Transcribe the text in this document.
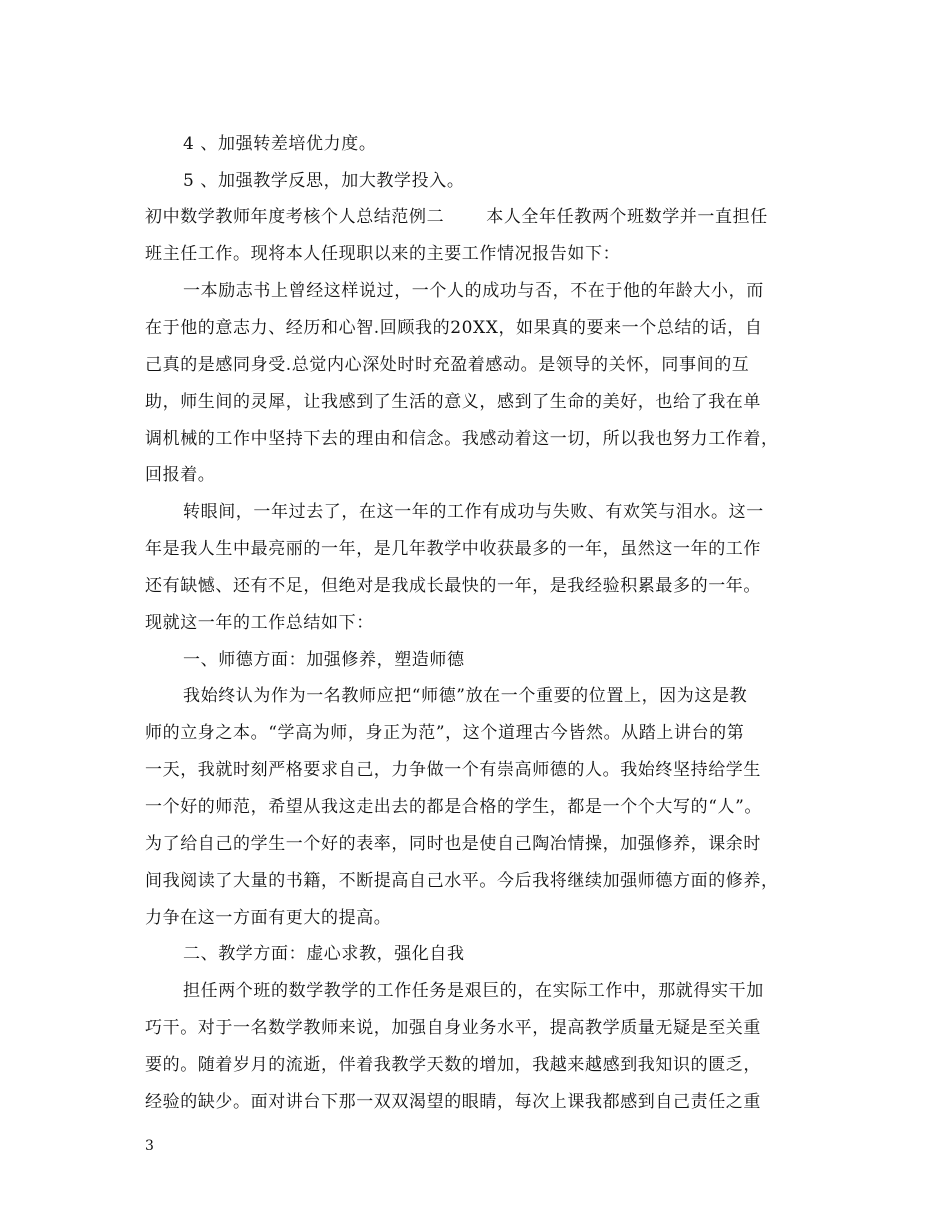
4 、加强转差培优力度。
5 、加强教学反思，加大教学投入。
初中数学教师年度考核个人总结范例二       本人全年任教两个班数学并一直担任
班主任工作。现将本人任现职以来的主要工作情况报告如下：
一本励志书上曾经这样说过，一个人的成功与否，不在于他的年龄大小，而
在于他的意志力、经历和心智.回顾我的20XX，如果真的要来一个总结的话，自
己真的是感同身受.总觉内心深处时时充盈着感动。是领导的关怀，同事间的互
助，师生间的灵犀，让我感到了生活的意义，感到了生命的美好，也给了我在单
调机械的工作中坚持下去的理由和信念。我感动着这一切，所以我也努力工作着，
回报着。
转眼间，一年过去了，在这一年的工作有成功与失败、有欢笑与泪水。这一
年是我人生中最亮丽的一年，是几年教学中收获最多的一年，虽然这一年的工作
还有缺憾、还有不足，但绝对是我成长最快的一年，是我经验积累最多的一年。
现就这一年的工作总结如下：
一、师德方面：加强修养，塑造师德
我始终认为作为一名教师应把“师德”放在一个重要的位置上，因为这是教
师的立身之本。“学高为师，身正为范”，这个道理古今皆然。从踏上讲台的第
一天，我就时刻严格要求自己，力争做一个有崇高师德的人。我始终坚持给学生
一个好的师范，希望从我这走出去的都是合格的学生，都是一个个大写的“人”。
为了给自己的学生一个好的表率，同时也是使自己陶冶情操，加强修养，课余时
间我阅读了大量的书籍，不断提高自己水平。今后我将继续加强师德方面的修养，
力争在这一方面有更大的提高。
二、教学方面：虚心求教，强化自我
担任两个班的数学教学的工作任务是艰巨的，在实际工作中，那就得实干加
巧干。对于一名数学教师来说，加强自身业务水平，提高教学质量无疑是至关重
要的。随着岁月的流逝，伴着我教学天数的增加，我越来越感到我知识的匮乏，
经验的缺少。面对讲台下那一双双渴望的眼睛，每次上课我都感到自己责任之重
3
